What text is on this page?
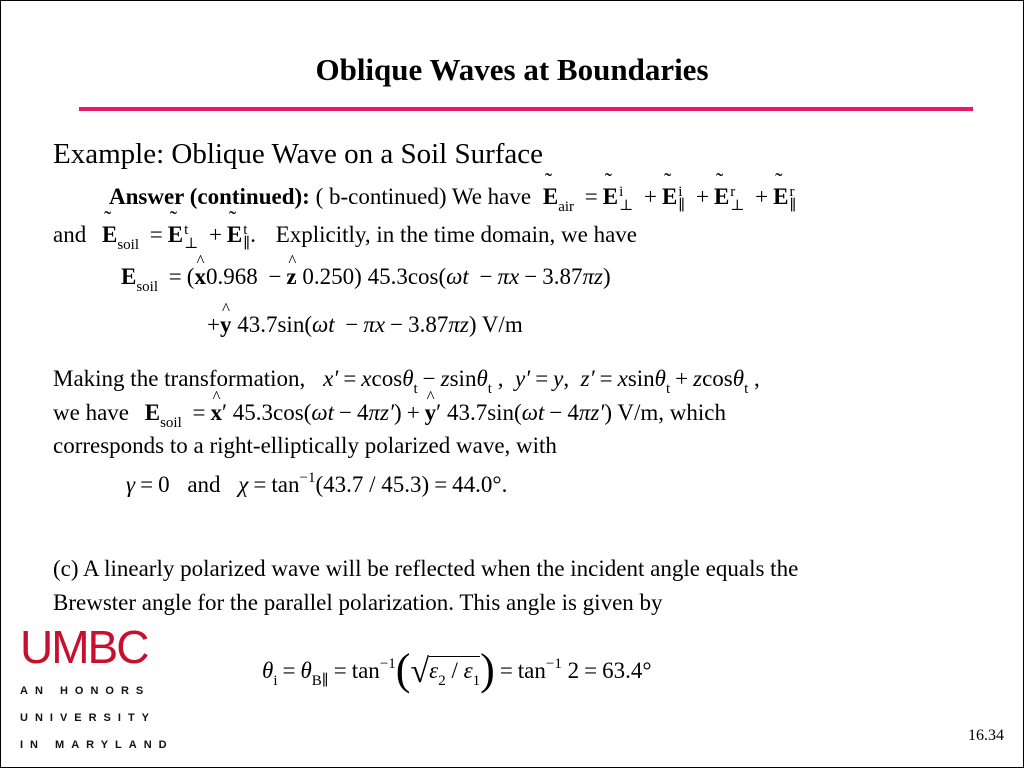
Oblique Waves at Boundaries
Example: Oblique Wave on a Soil Surface
Answer (continued): ( b-continued) We have ˜ $E_{air}$ = ˜ E i
⊥ + ˜ E i
∥ + ˜ E r
⊥ + ˜ E r
∥
and ˜ $E_{soil}$ = ˜ E t
⊥ + ˜ E t
∥ . Explicitly, in the time domain, we have
$E_{soil}$ = (^ x0.968 − ^ z 0.250) 45.3cos(ωt − πx − 3.87πz)
+^ y 43.7sin(ωt − πx − 3.87πz) V/m
Making the transformation, x′ = xcosθ$_t$ − zsinθ$_t$ ,  y′ = y,  z′ = xsinθ$_t$ + zcosθ$_t$ ,
we have $E_{soil}$ = ^ x′ 45.3cos(ωt − 4πz′) + ^ y′ 43.7sin(ωt − 4πz′) V/m, which
corresponds to a right-elliptically polarized wave, with
γ = 0 and $\chi = \tan^{-1}(43.7 / 45.3) = 44.0^\circ$.
(c) A linearly polarized wave will be reflected when the incident angle equals the
Brewster angle for the parallel polarization. This angle is given by
$\theta_i = \theta_{B\parallel} = \tan^{-1}(√\varepsilon_2 / \varepsilon_1) = \tan^{-1} 2 = 63.4^\circ$
UMBC
AN HONORS
UNIVERSITY
IN MARYLAND
16.34
